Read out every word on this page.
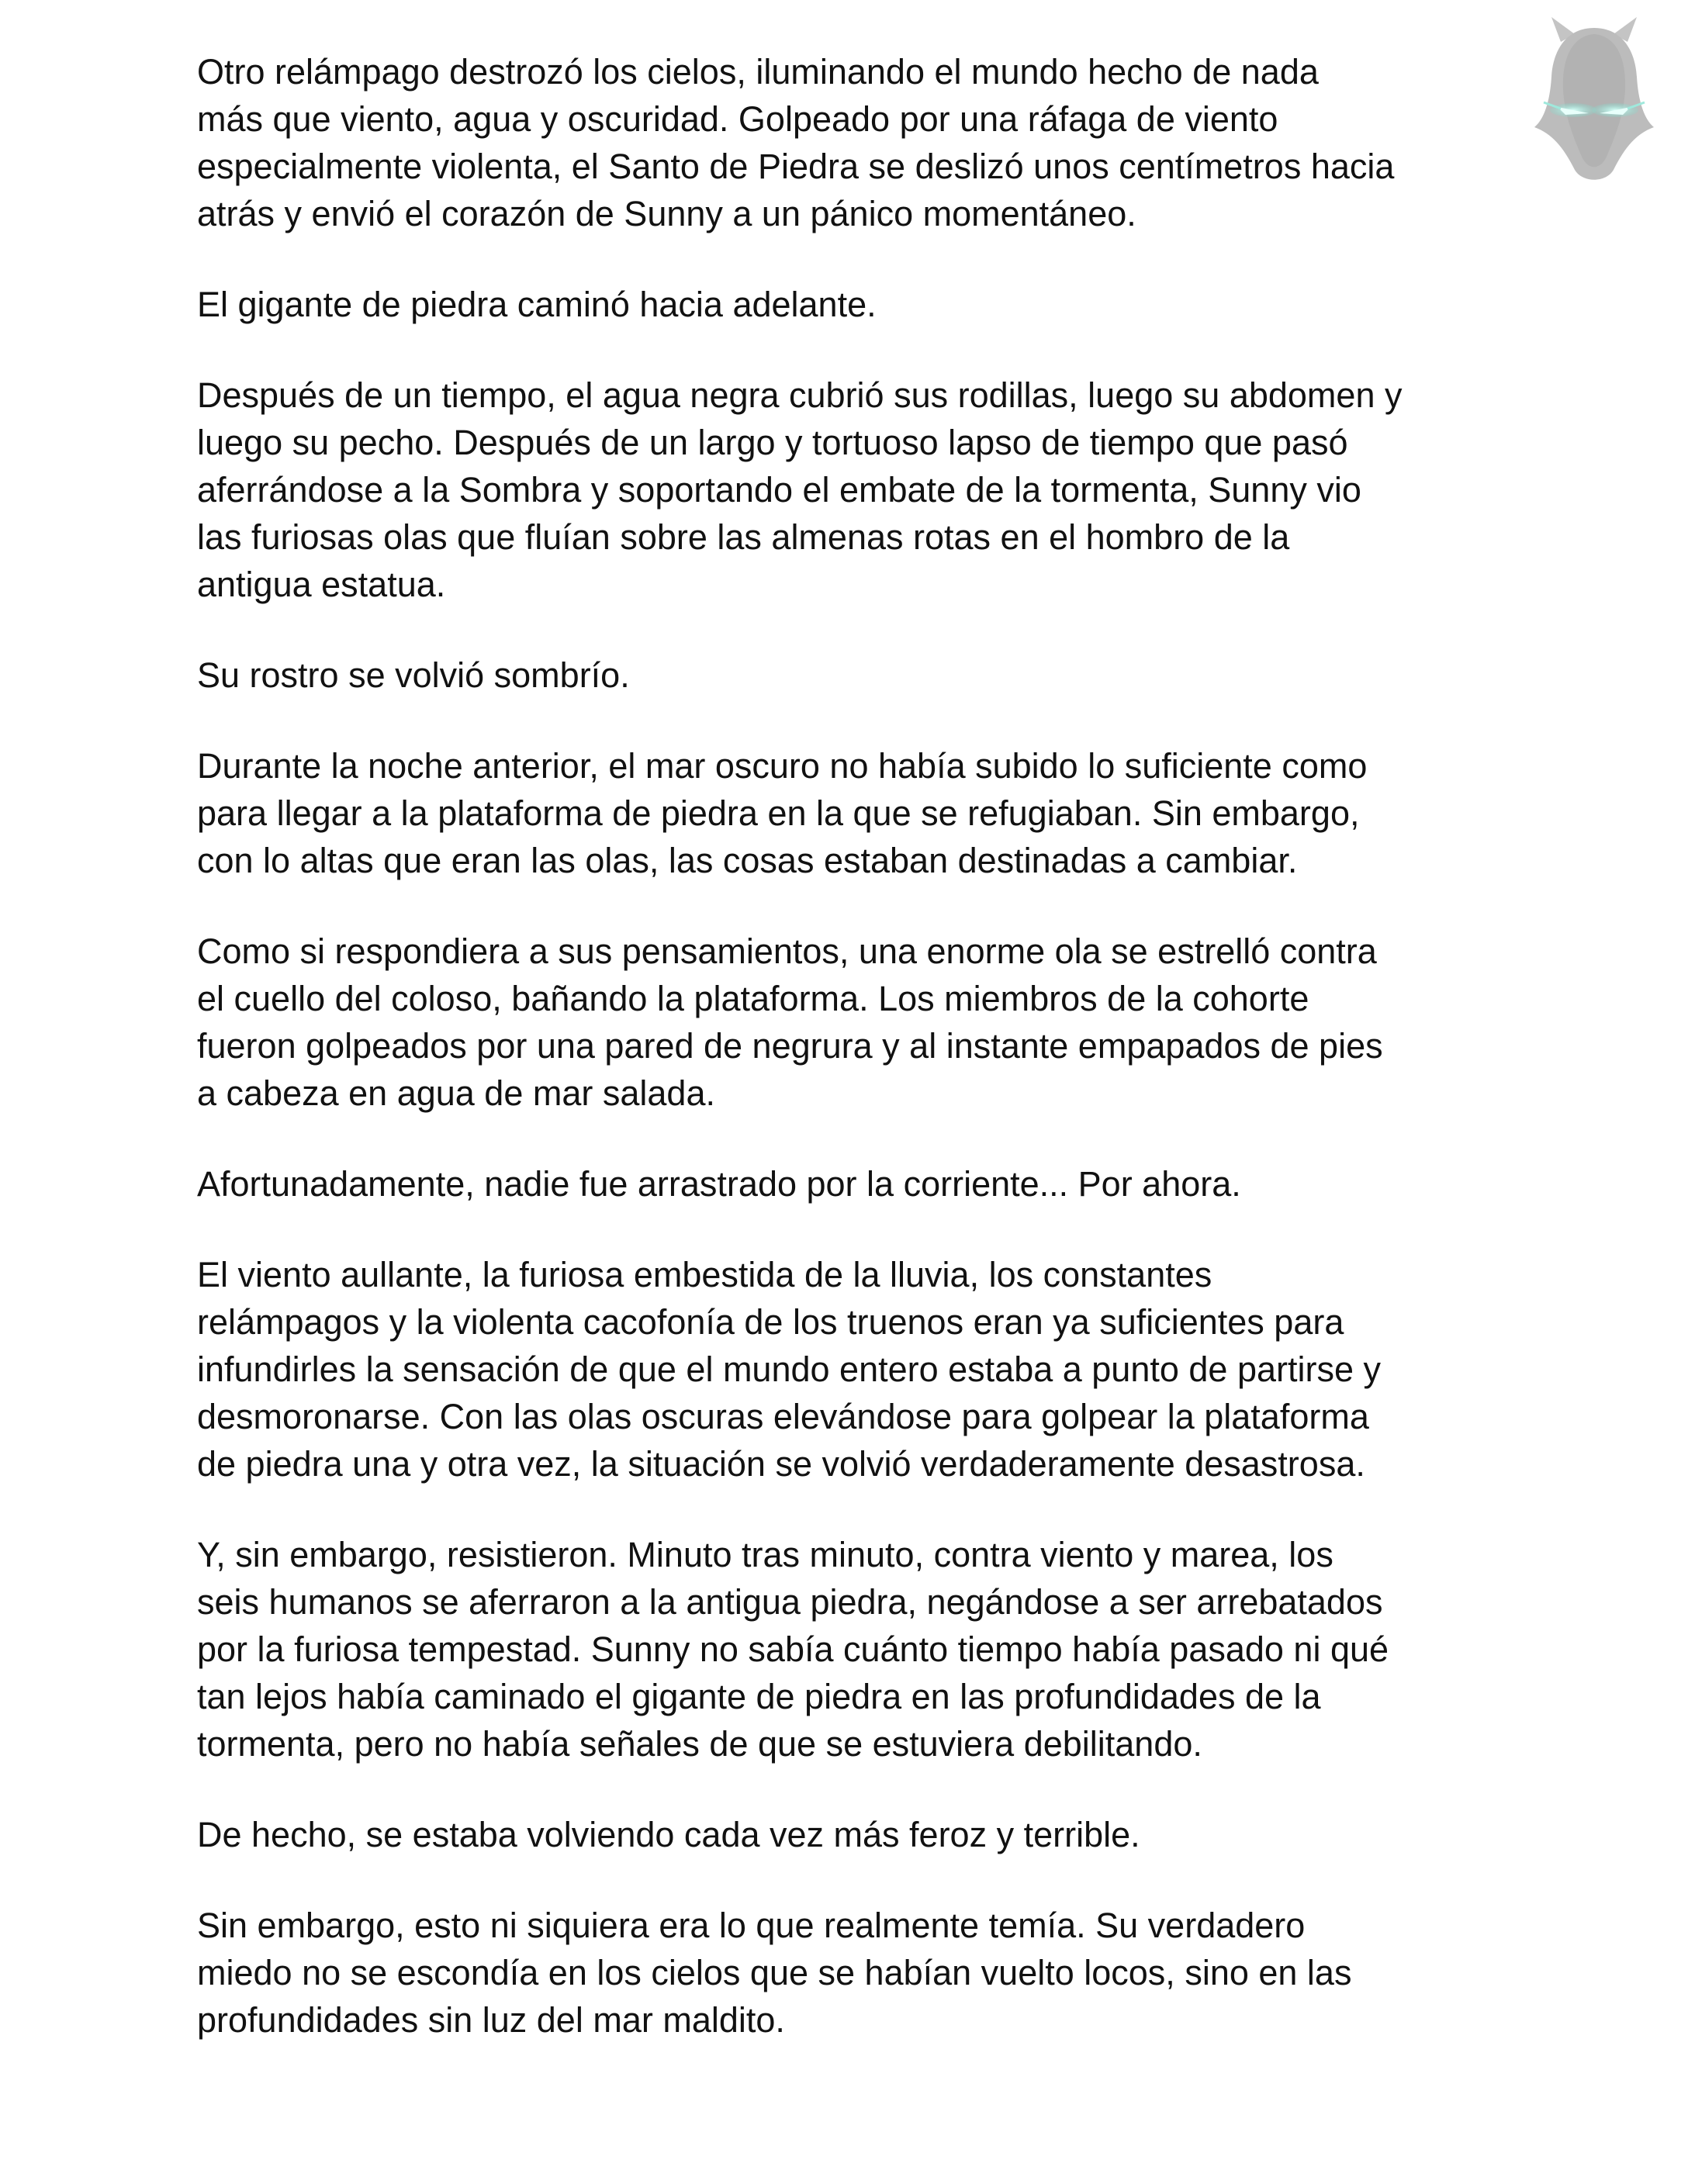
Otro relámpago destrozó los cielos, iluminando el mundo hecho de nada
más que viento, agua y oscuridad. Golpeado por una ráfaga de viento
especialmente violenta, el Santo de Piedra se deslizó unos centímetros hacia
atrás y envió el corazón de Sunny a un pánico momentáneo.

El gigante de piedra caminó hacia adelante.

Después de un tiempo, el agua negra cubrió sus rodillas, luego su abdomen y
luego su pecho. Después de un largo y tortuoso lapso de tiempo que pasó
aferrándose a la Sombra y soportando el embate de la tormenta, Sunny vio
las furiosas olas que fluían sobre las almenas rotas en el hombro de la
antigua estatua.

Su rostro se volvió sombrío.

Durante la noche anterior, el mar oscuro no había subido lo suficiente como
para llegar a la plataforma de piedra en la que se refugiaban. Sin embargo,
con lo altas que eran las olas, las cosas estaban destinadas a cambiar.

Como si respondiera a sus pensamientos, una enorme ola se estrelló contra
el cuello del coloso, bañando la plataforma. Los miembros de la cohorte
fueron golpeados por una pared de negrura y al instante empapados de pies
a cabeza en agua de mar salada.

Afortunadamente, nadie fue arrastrado por la corriente... Por ahora.

El viento aullante, la furiosa embestida de la lluvia, los constantes
relámpagos y la violenta cacofonía de los truenos eran ya suficientes para
infundirles la sensación de que el mundo entero estaba a punto de partirse y
desmoronarse. Con las olas oscuras elevándose para golpear la plataforma
de piedra una y otra vez, la situación se volvió verdaderamente desastrosa.

Y, sin embargo, resistieron. Minuto tras minuto, contra viento y marea, los
seis humanos se aferraron a la antigua piedra, negándose a ser arrebatados
por la furiosa tempestad. Sunny no sabía cuánto tiempo había pasado ni qué
tan lejos había caminado el gigante de piedra en las profundidades de la
tormenta, pero no había señales de que se estuviera debilitando.

De hecho, se estaba volviendo cada vez más feroz y terrible.

Sin embargo, esto ni siquiera era lo que realmente temía. Su verdadero
miedo no se escondía en los cielos que se habían vuelto locos, sino en las
profundidades sin luz del mar maldito.
